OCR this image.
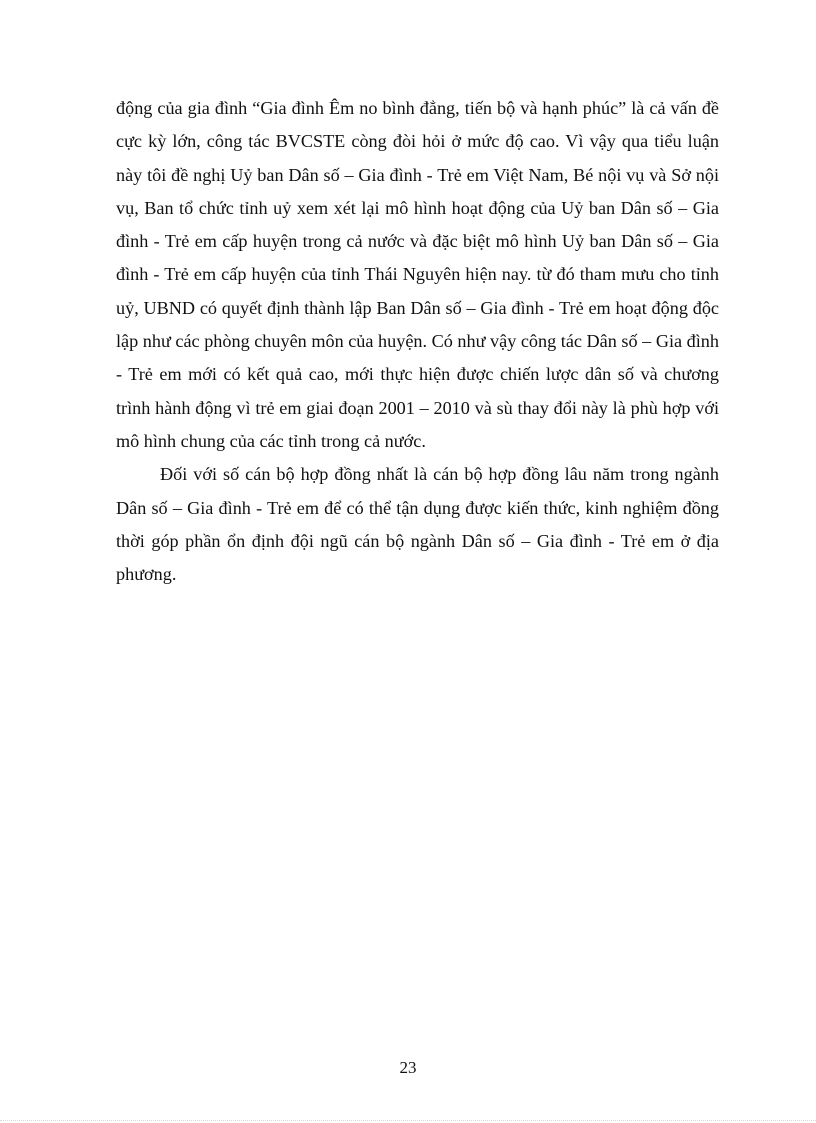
động của gia đình “Gia đình Êm no bình đẳng, tiến bộ và hạnh phúc” là cả vấn đề cực kỳ lớn, công tác BVCSTE còng đòi hỏi ở mức độ cao. Vì vậy qua tiểu luận này tôi đề nghị Uỷ ban Dân số – Gia đình - Trẻ em Việt Nam, Bé nội vụ và Sở nội vụ, Ban tổ chức tỉnh uỷ xem xét lại mô hình hoạt động của Uỷ ban Dân số – Gia đình - Trẻ em cấp huyện trong cả nước và đặc biệt mô hình Uỷ ban Dân số – Gia đình - Trẻ em cấp huyện của tỉnh Thái Nguyên hiện nay. từ đó tham mưu cho tỉnh uỷ, UBND có quyết định thành lập Ban Dân số – Gia đình - Trẻ em hoạt động độc lập như các phòng chuyên môn của huyện. Có như vậy công tác Dân số – Gia đình - Trẻ em mới có kết quả cao, mới thực hiện được chiến lược dân số và chương trình hành động vì trẻ em giai đoạn 2001 – 2010 và sù thay đổi này là phù hợp với mô hình chung của các tỉnh trong cả nước.

Đối với số cán bộ hợp đồng nhất là cán bộ hợp đồng lâu năm trong ngành Dân số – Gia đình - Trẻ em để có thể tận dụng được kiến thức, kinh nghiệm đồng thời góp phần ổn định đội ngũ cán bộ ngành Dân số – Gia đình - Trẻ em ở địa phương.

23
